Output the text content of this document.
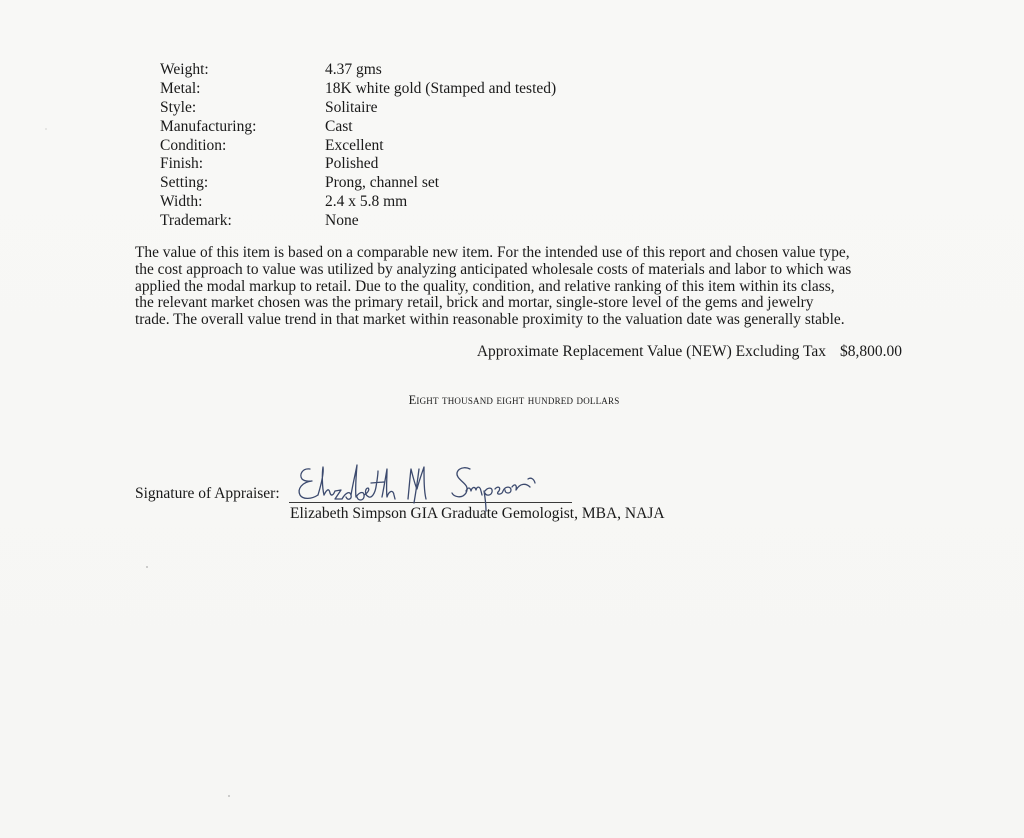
Weight:	4.37 gms
Metal:	18K white gold (Stamped and tested)
Style:	Solitaire
Manufacturing:	Cast
Condition:	Excellent
Finish:	Polished
Setting:	Prong, channel set
Width:	2.4 x 5.8 mm
Trademark:	None
The value of this item is based on a comparable new item. For the intended use of this report and chosen value type,
the cost approach to value was utilized by analyzing anticipated wholesale costs of materials and labor to which was
applied the modal markup to retail. Due to the quality, condition, and relative ranking of this item within its class,
the relevant market chosen was the primary retail, brick and mortar, single-store level of the gems and jewelry
trade. The overall value trend in that market within reasonable proximity to the valuation date was generally stable.
Approximate Replacement Value (NEW) Excluding Tax $8,800.00
Eight thousand eight hundred dollars
Signature of Appraiser:
Elizabeth Simpson GIA Graduate Gemologist, MBA, NAJA
